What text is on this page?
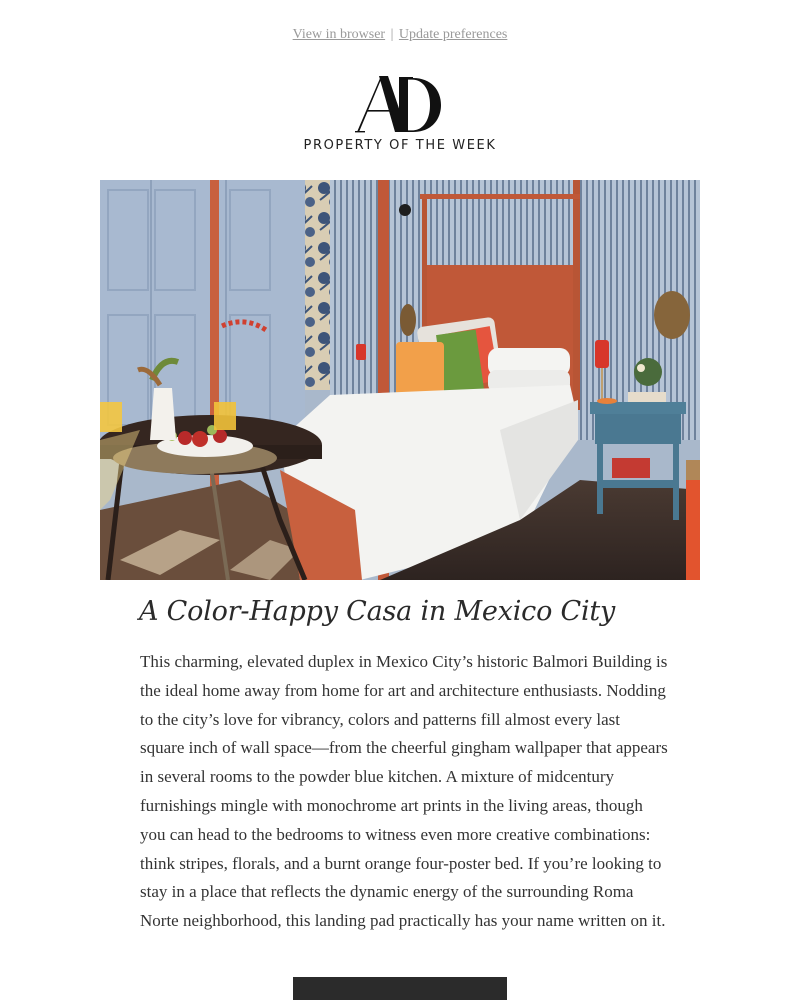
View in browser | Update preferences
PROPERTY OF THE WEEK
A Color-Happy Casa in Mexico City

This charming, elevated duplex in Mexico City’s historic Balmori Building is the ideal home away from home for art and architecture enthusiasts. Nodding to the city’s love for vibrancy, colors and patterns fill almost every last square inch of wall space—from the cheerful gingham wallpaper that appears in several rooms to the powder blue kitchen. A mixture of midcentury furnishings mingle with monochrome art prints in the living areas, though you can head to the bedrooms to witness even more creative combinations: think stripes, florals, and a burnt orange four-poster bed. If you’re looking to stay in a place that reflects the dynamic energy of the surrounding Roma Norte neighborhood, this landing pad practically has your name written on it.
